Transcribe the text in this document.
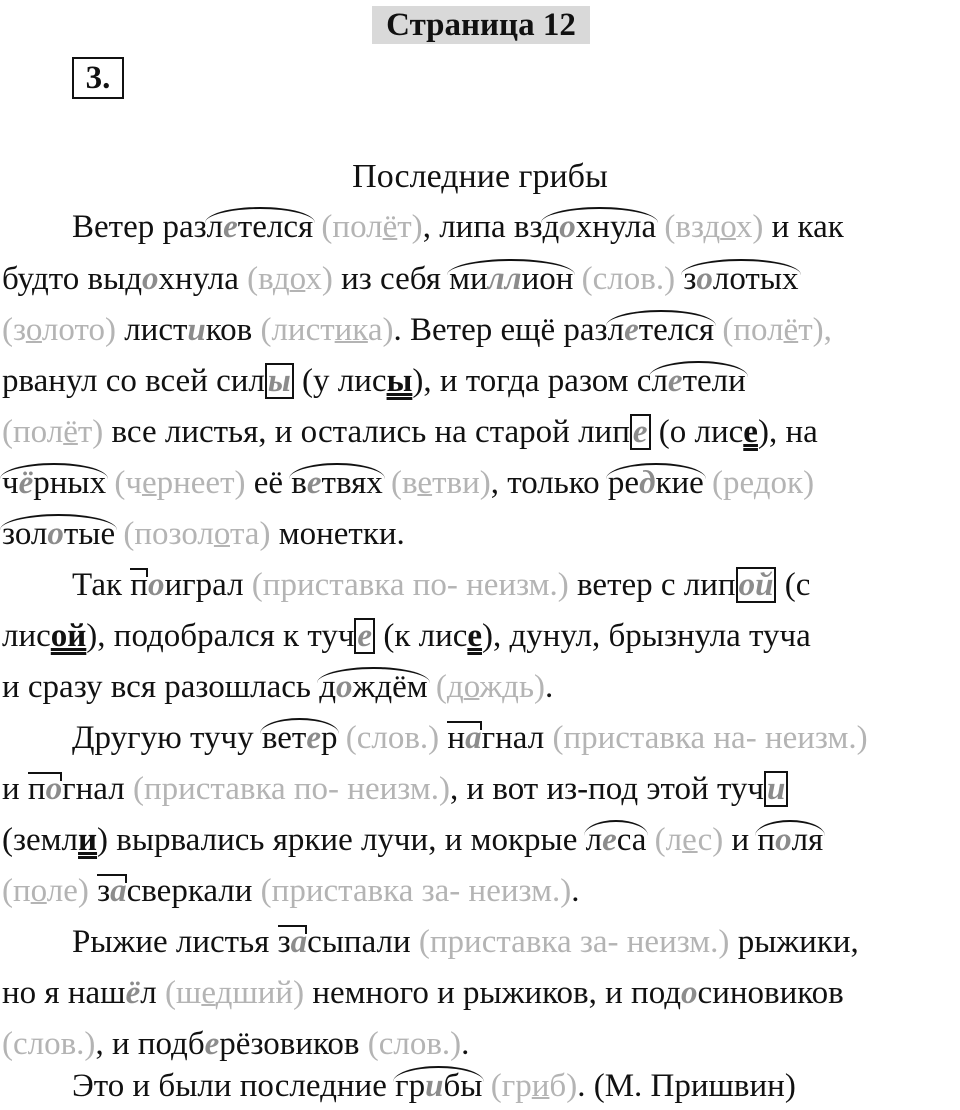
Страница 12
3.
Последние грибы
Ветер разлетелся (полёт), липа вздохнула (вздох) и как
будто выдохнула (вдох) из себя миллион (слов.) золотых
(золото) листиков (листика). Ветер ещё разлетелся (полёт),
рванул со всей силы (у лисы), и тогда разом слетели
(полёт) все листья, и остались на старой липе (о лисе), на
чёрных (чернеет) её ветвях (ветви), только редкие (редок)
золотые (позолота) монетки.
Так поиграл (приставка по- неизм.) ветер с липой (с
лисой), подобрался к туче (к лисе), дунул, брызнула туча
и сразу вся разошлась дождём (дождь).
Другую тучу ветер (слов.) нагнал (приставка на- неизм.)
и погнал (приставка по- неизм.), и вот из-под этой тучи
(земли) вырвались яркие лучи, и мокрые леса (лес) и поля
(поле) засверкали (приставка за- неизм.).
Рыжие листья засыпали (приставка за- неизм.) рыжики,
но я нашёл (шедший) немного и рыжиков, и подосиновиков
(слов.), и подберёзовиков (слов.).
Это и были последние грибы (гриб). (М. Пришвин)
